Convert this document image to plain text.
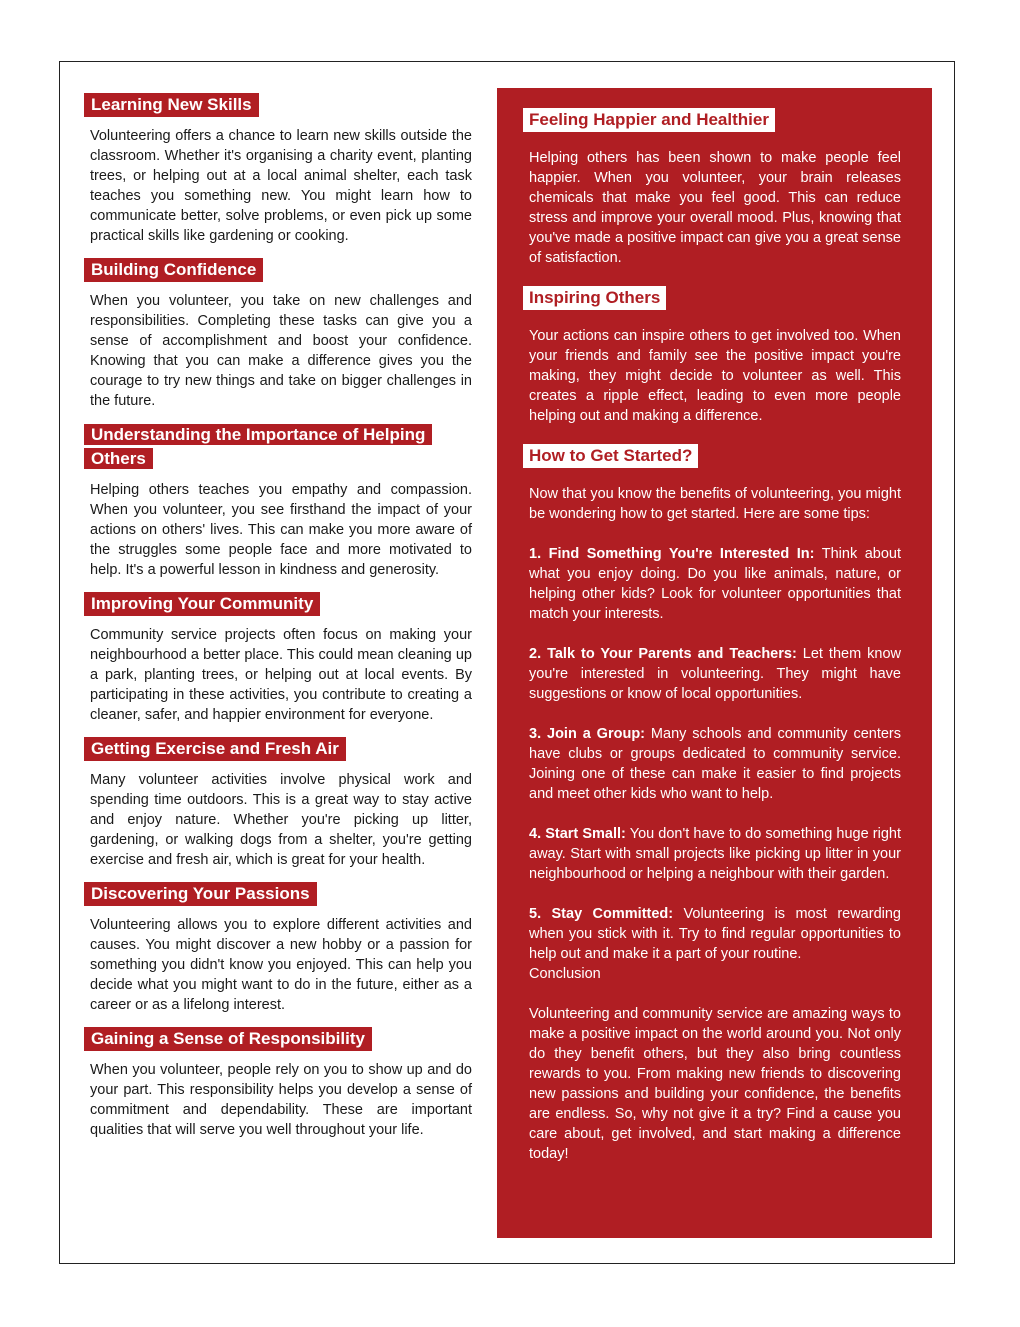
Learning New Skills

Volunteering offers a chance to learn new skills outside the classroom. Whether it's organising a charity event, planting trees, or helping out at a local animal shelter, each task teaches you something new. You might learn how to communicate better, solve problems, or even pick up some practical skills like gardening or cooking.

Building Confidence

When you volunteer, you take on new challenges and responsibilities. Completing these tasks can give you a sense of accomplishment and boost your confidence. Knowing that you can make a difference gives you the courage to try new things and take on bigger challenges in the future.

Understanding the Importance of Helping
Others

Helping others teaches you empathy and compassion. When you volunteer, you see firsthand the impact of your actions on others' lives. This can make you more aware of the struggles some people face and more motivated to help. It's a powerful lesson in kindness and generosity.

Improving Your Community

Community service projects often focus on making your neighbourhood a better place. This could mean cleaning up a park, planting trees, or helping out at local events. By participating in these activities, you contribute to creating a cleaner, safer, and happier environment for everyone.

Getting Exercise and Fresh Air

Many volunteer activities involve physical work and spending time outdoors. This is a great way to stay active and enjoy nature. Whether you're picking up litter, gardening, or walking dogs from a shelter, you're getting exercise and fresh air, which is great for your health.

Discovering Your Passions

Volunteering allows you to explore different activities and causes. You might discover a new hobby or a passion for something you didn't know you enjoyed. This can help you decide what you might want to do in the future, either as a career or as a lifelong interest.

Gaining a Sense of Responsibility

When you volunteer, people rely on you to show up and do your part. This responsibility helps you develop a sense of commitment and dependability. These are important qualities that will serve you well throughout your life.

Feeling Happier and Healthier

Helping others has been shown to make people feel happier. When you volunteer, your brain releases chemicals that make you feel good. This can reduce stress and improve your overall mood. Plus, knowing that you've made a positive impact can give you a great sense of satisfaction.

Inspiring Others

Your actions can inspire others to get involved too. When your friends and family see the positive impact you're making, they might decide to volunteer as well. This creates a ripple effect, leading to even more people helping out and making a difference.

How to Get Started?

Now that you know the benefits of volunteering, you might be wondering how to get started. Here are some tips:

1. Find Something You're Interested In: Think about what you enjoy doing. Do you like animals, nature, or helping other kids? Look for volunteer opportunities that match your interests.

2. Talk to Your Parents and Teachers: Let them know you're interested in volunteering. They might have suggestions or know of local opportunities.

3. Join a Group: Many schools and community centers have clubs or groups dedicated to community service. Joining one of these can make it easier to find projects and meet other kids who want to help.

4. Start Small: You don't have to do something huge right away. Start with small projects like picking up litter in your neighbourhood or helping a neighbour with their garden.

5. Stay Committed: Volunteering is most rewarding when you stick with it. Try to find regular opportunities to help out and make it a part of your routine.
Conclusion

Volunteering and community service are amazing ways to make a positive impact on the world around you. Not only do they benefit others, but they also bring countless rewards to you. From making new friends to discovering new passions and building your confidence, the benefits are endless. So, why not give it a try? Find a cause you care about, get involved, and start making a difference today!
